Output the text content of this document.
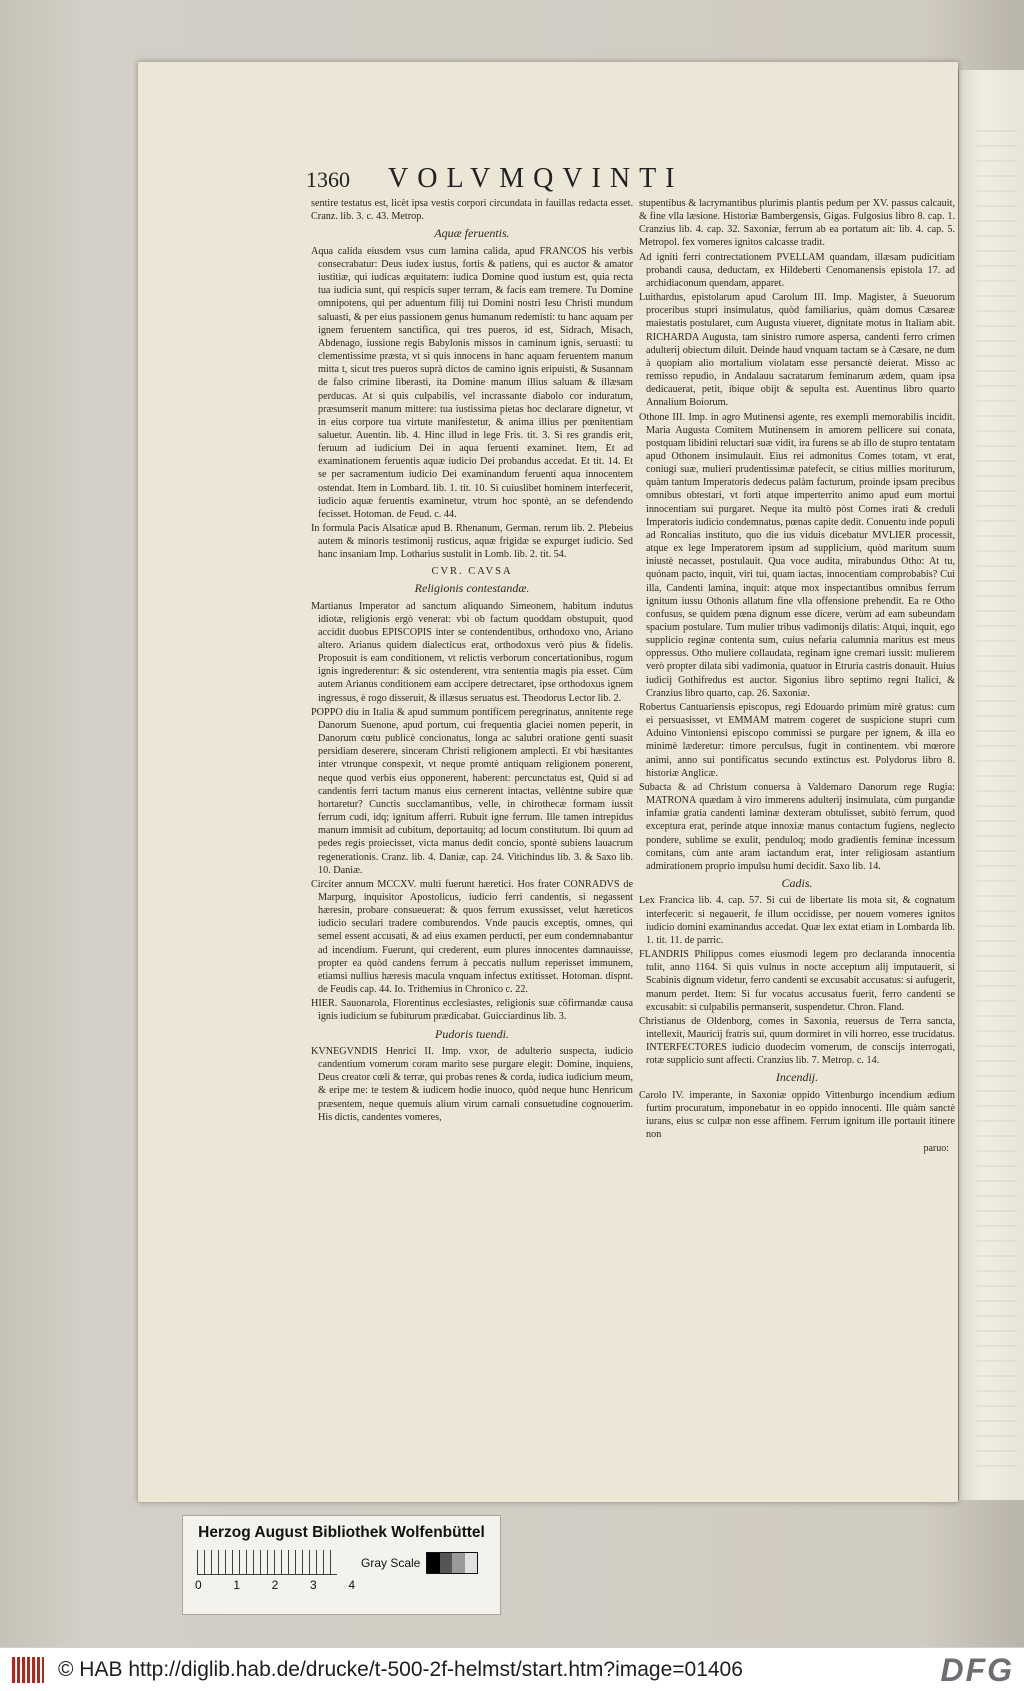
1360 VOLVMQVINTI

sentire testatus est, licèt ipsa vestis corpori circundata in fauillas redacta esset. Cranz. lib. 3. c. 43. Metrop.

Aquæ feruentis.

Aqua calida eiusdem vsus cum lamina calida, apud FRANCOS his verbis consecrabatur: Deus iudex iustus, fortis & patiens, qui es auctor & amator iustitiæ, qui iudicas æquitatem: iudica Domine quod iustum est, quia recta tua iudicia sunt, qui respicis super terram, & facis eam tremere. Tu Domine omnipotens, qui per aduentum filij tui Domini nostri Iesu Christi mundum saluasti, & per eius passionem genus humanum redemisti: tu hanc aquam per ignem feruentem sanctifica, qui tres pueros, id est, Sidrach, Misach, Abdenago, iussione regis Babylonis missos in caminum ignis, seruasti: tu clementissime præsta, vt si quis innocens in hanc aquam feruentem manum mitta t, sicut tres pueros suprà dictos de camino ignis eripuisti, & Susannam de falso crimine liberasti, ita Domine manum illius saluam & illæsam perducas. At si quis culpabilis, vel incrassante diabolo cor induratum, præsumserit manum mittere: tua iustissima pietas hoc declarare dignetur, vt in eius corpore tua virtute manifestetur, & anima illius per pœnitentiam saluetur. Auentin. lib. 4. Hinc illud in lege Fris. tit. 3. Si res grandis erit, feruum ad iudicium Dei in aqua feruenti examinet. Item, Et ad examinationem feruentis aquæ iudicio Dei probandus accedat. Et tit. 14. Et se per sacramentum iudicio Dei examinandum feruenti aqua innocentem ostendat. Item in Lombard. lib. 1. tit. 10. Si cuiuslibet hominem interfecerit, iudicio aquæ feruentis examinetur, vtrum hoc spontè, an se defendendo fecisset. Hotoman. de Feud. c. 44.

In formula Pacis Alsaticæ apud B. Rhenanum, German. rerum lib. 2. Plebeius autem & minoris testimonij rusticus, aquæ frigidæ se expurget iudicio. Sed hanc insaniam Imp. Lotharius sustulit in Lomb. lib. 2. tit. 54.

CVR. CAVSA
Religionis contestandæ.

Martianus Imperator ad sanctum aliquando Simeonem, habitum indutus idiotæ, religionis ergò venerat: vbi ob factum quoddam obstupuit, quod accidit duobus EPISCOPIS inter se contendentibus, orthodoxo vno, Ariano altero. Arianus quidem dialecticus erat, orthodoxus verò pius & fidelis. Proposuit is eam conditionem, vt relictis verborum concertationibus, rogum ignis ingrederentur: & sic ostenderent, vtra sententia magis pia esset. Cùm autem Arianus conditionem eam accipere detrectaret, ipse orthodoxus ignem ingressus, è rogo disseruit, & illæsus seruatus est. Theodorus Lector lib. 2.

POPPO diu in Italia & apud summum pontificem peregrinatus, annitente rege Danorum Suenone, apud portum, cui frequentia glaciei nomen peperit, in Danorum cœtu publicè concionatus, longa ac salubri oratione genti suasit persidiam deserere, sinceram Christi religionem amplecti. Et vbi hæsitantes inter vtrunque conspexit, vt neque promtè antiquam religionem ponerent, neque quod verbis eius opponerent, haberent: percunctatus est, Quid si ad candentis ferri tactum manus eius cernerent intactas, vellèntne subire quæ hortaretur? Cunctis succlamantibus, velle, in chirothecæ formam iussit ferrum cudi, idq; ignitum afferri. Rubuit igne ferrum. Ille tamen intrepidus manum immisit ad cubitum, deportauitq; ad locum constitutum. Ibi quum ad pedes regis proiecisset, victa manus dedit concio, spontè subiens lauacrum regenerationis. Cranz. lib. 4. Daniæ, cap. 24. Vitichindus lib. 3. & Saxo lib. 10. Daniæ.

Circiter annum MCCXV. multi fuerunt hæretici. Hos frater CONRADVS de Marpurg, inquisitor Apostolicus, iudicio ferri candentis, si negassent hæresin, probare consueuerat: & quos ferrum exussisset, velut hæreticos iudicio seculari tradere comburendos. Vnde paucis exceptis, omnes, qui semel essent accusati, & ad eius examen perducti, per eum condemnabantur ad incendium. Fuerunt, qui crederent, eum plures innocentes damnauisse, propter ea quòd candens ferrum à peccatis nullum reperisset immunem, etiamsi nullius hæresis macula vnquam infectus extitisset. Hotoman. dispnt. de Feudis cap. 44. Io. Trithemius in Chronico c. 22.

HIER. Sauonarola, Florentinus ecclesiastes, religionis suæ cõfirmandæ causa ignis iudicium se fubiturum prædicabat. Guicciardinus lib. 3.

Pudoris tuendi.

KVNEGVNDIS Henrici II. Imp. vxor, de adulterio suspecta, iudicio candentium vomerum coram marito sese purgare elegit: Domine, inquiens, Deus creator cœli & terræ, qui probas renes & corda, iudica iudicium meum, & eripe me: te testem & iudicem hodie inuoco, quòd neque hunc Henricum præsentem, neque quemuis alium virum carnali consuetudine cognouerim. His dictis, candentes vomeres,

stupentibus & lacrymantibus plurimis plantis pedum per XV. passus calcauit, & fine vlla læsione. Historiæ Bambergensis, Gigas. Fulgosius libro 8. cap. 1. Cranzius lib. 4. cap. 32. Saxoniæ, ferrum ab ea portatum ait: lib. 4. cap. 5. Metropol. fex vomeres ignitos calcasse tradit.

Ad igniti ferri contrectationem PVELLAM quandam, illæsam pudicitiam probandi causa, deductam, ex Hildeberti Cenomanensis epistola 17. ad archidiaconum quendam, apparet.

Luithardus, epistolarum apud Carolum III. Imp. Magister, à Sueuorum proceribus stupri insimulatus, quòd familiarius, quàm domus Cæsareæ maiestatis postularet, cum Augusta viueret, dignitate motus in Italiam abit. RICHARDA Augusta, tam sinistro rumore aspersa, candenti ferro crimen adulterij obiectum diluit. Deinde haud vnquam tactam se à Cæsare, ne dum à quopiam alio mortalium violatam esse persanctè deierat. Misso ac remisso repudio, in Andalauu sacratarum feminarum ædem, quam ipsa dedicauerat, petit, ibique obijt & sepulta est. Auentinus libro quarto Annalium Boiorum.

Othone III. Imp. in agro Mutinensi agente, res exempli memorabilis incidit. Maria Augusta Comitem Mutinensem in amorem pellicere sui conata, postquam libidini reluctari suæ vidit, ira furens se ab illo de stupro tentatam apud Othonem insimulauit. Eius rei admonitus Comes totam, vt erat, coniugi suæ, mulieri prudentissimæ patefecit, se citius millies moriturum, quàm tantum Imperatoris dedecus palàm facturum, proinde ipsam precibus omnibus obtestari, vt forti atque imperterrito animo apud eum mortui innocentiam sui purgaret. Neque ita multò pòst Comes irati & creduli Imperatoris iudicio condemnatus, pœnas capite dedit. Conuentu inde populi ad Roncalias instituto, quo die ius viduis dicebatur MVLIER processit, atque ex lege Imperatorem ipsum ad supplicium, quòd maritum suum iniustè necasset, postulauit. Qua voce audita, mirabundus Otho: At tu, quónam pacto, inquit, viri tui, quam iactas, innocentiam comprobabis? Cui illa, Candenti lamina, inquit: atque mox inspectantibus omnibus ferrum ignitum iussu Othonis allatum fine vlla offensione prehendit. Ea re Otho confusus, se quidem pœna dignum esse dicere, verùm ad eam subeundam spacium postulare. Tum mulier tribus vadimonijs dilatis: Atqui, inquit, ego supplicio reginæ contenta sum, cuius nefaria calumnia maritus est meus oppressus. Otho muliere collaudata, reginam igne cremari iussit: mulierem verò propter dilata sibi vadimonia, quatuor in Etruria castris donauit. Huius iudicij Gothifredus est auctor. Sigonius libro septimo regni Italici, & Cranzius libro quarto, cap. 26. Saxoniæ.

Robertus Cantuariensis episcopus, regi Edouardo primùm mirè gratus: cum ei persuasisset, vt EMMAM matrem cogeret de suspicione stupri cum Aduino Vintoniensi episcopo commissi se purgare per ignem, & illa eo minimè læderetur: timore perculsus, fugit in continentem. vbi mœrore animi, anno sui pontificatus secundo extinctus est. Polydorus libro 8. historiæ Anglicæ.

Subacta & ad Christum conuersa à Valdemaro Danorum rege Rugia: MATRONA quædam à viro immerens adulterij insimulata, cùm purgandæ infamiæ gratia candenti laminæ dexteram obtulisset, subitò ferrum, quod exceptura erat, perinde atque innoxiæ manus contactum fugiens, neglecto pondere, sublime se exulit, penduloq; modo gradientis feminæ incessum comitans, cùm ante aram iactandum erat, inter religiosam astantium admirationem proprio impulsu humi decidit. Saxo lib. 14.

Cadis.

Lex Francica lib. 4. cap. 57. Si cui de libertate lis mota sit, & cognatum interfecerit: si negauerit, fe illum occidisse, per nouem vomeres ignitos iudicio domini examinandus accedat. Quæ lex extat etiam in Lombarda lib. 1. tit. 11. de parric.

FLANDRIS Philippus comes eiusmodi legem pro declaranda innocentia tulit, anno 1164. Si quis vulnus in nocte acceptum alij imputauerit, si Scabinis dignum videtur, ferro candenti se excusabit accusatus: si aufugerit, manum perdet. Item: Si fur vocatus accusatus fuerit, ferro candenti se excusabit: si culpabilis permanserit, suspendetur. Chron. Fland.

Christianus de Oldenborg, comes in Saxonia, reuersus de Terra sancta, intellexit, Mauricij fratris sui, quum dormiret in vili horreo, esse trucidatus. INTERFECTORES iudicio duodecim vomerum, de conscijs interrogati, rotæ supplicio sunt affecti. Cranzius lib. 7. Metrop. c. 14.

Incendij.

Carolo IV. imperante, in Saxoniæ oppido Vittenburgo incendium ædium furtim procuratum, imponebatur in eo oppido innocenti. Ille quàm sanctè iurans, eius sc culpæ non esse affinem. Ferrum ignitum ille portauit itinere non

paruo:
Herzog August Bibliothek Wolfenbüttel
0	1	2	3	4
Gray Scale
© HAB http://diglib.hab.de/drucke/t-500-2f-helmst/start.htm?image=01406	DFG
